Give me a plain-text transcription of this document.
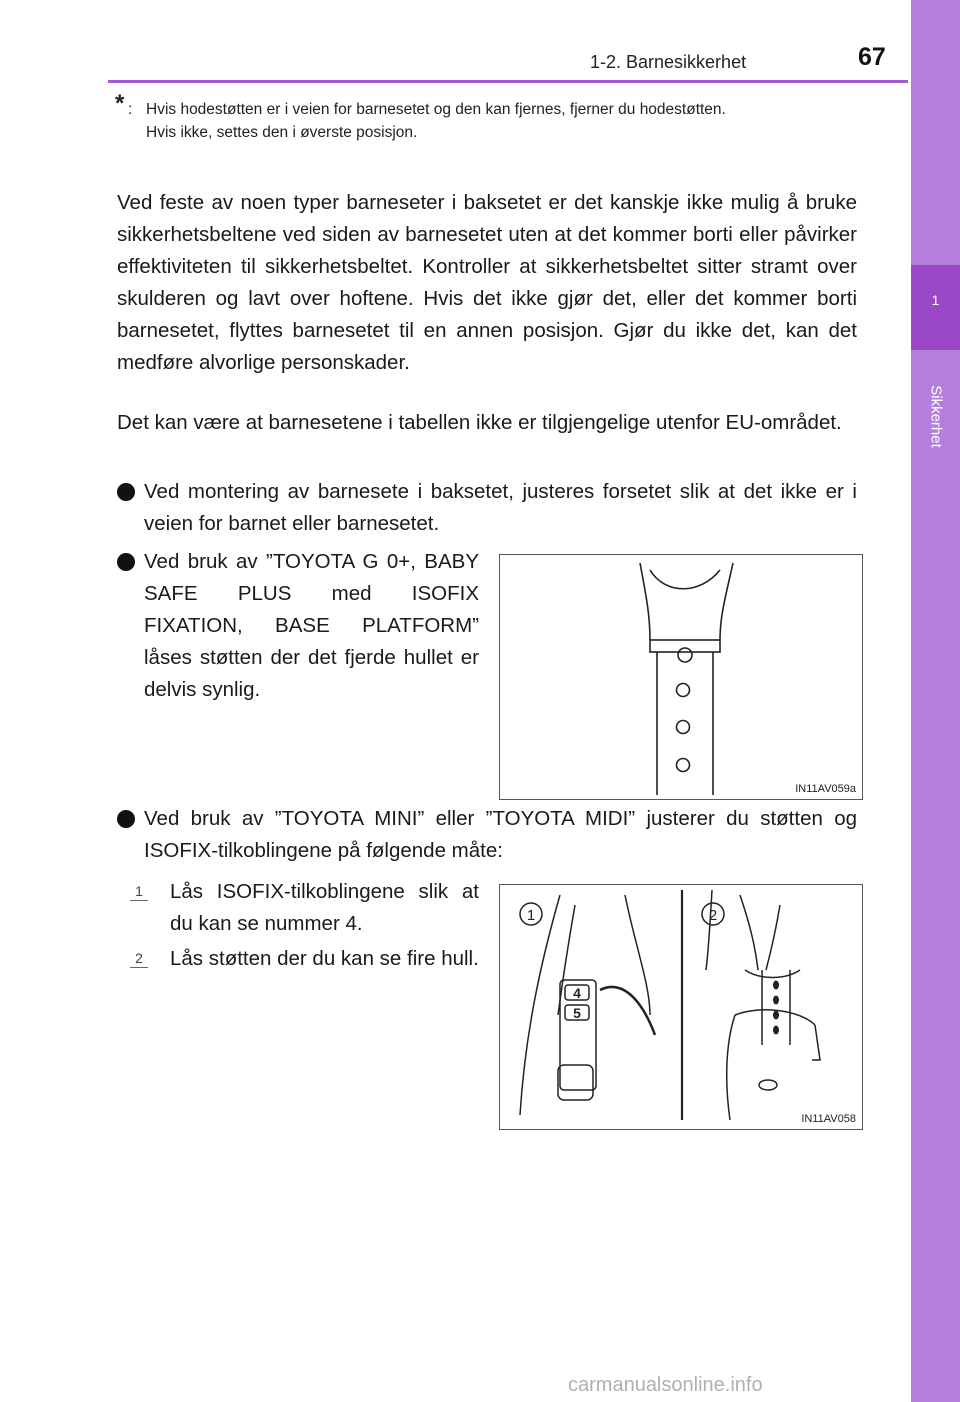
1-2. Barnesikkerhet	67
1
Sikkerhet
* : Hvis hodestøtten er i veien for barnesetet og den kan fjernes, fjerner du hodestøtten.
Hvis ikke, settes den i øverste posisjon.
Ved feste av noen typer barneseter i baksetet er det kanskje ikke mulig å bruke sikkerhetsbeltene ved siden av barnesetet uten at det kommer borti eller påvirker effektiviteten til sikkerhetsbeltet. Kontroller at sikkerhetsbeltet sitter stramt over skulderen og lavt over hoftene. Hvis det ikke gjør det, eller det kommer borti barnesetet, flyttes barnesetet til en annen posisjon. Gjør du ikke det, kan det medføre alvorlige personskader.
Det kan være at barnesetene i tabellen ikke er tilgjengelige utenfor EU-området.
Ved montering av barnesete i baksetet, justeres forsetet slik at det ikke er i veien for barnet eller barnesetet.
Ved bruk av ”TOYOTA G 0+, BABY SAFE PLUS med ISOFIX FIXATION, BASE PLATFORM” låses støtten der det fjerde hullet er delvis synlig.
Ved bruk av ”TOYOTA MINI” eller ”TOYOTA MIDI” justerer du støtten og ISOFIX-tilkoblingene på følgende måte:
1 Lås ISOFIX-tilkoblingene slik at du kan se nummer 4.
2 Lås støtten der du kan se fire hull.
IN11AV059a
1	2
4
5
IN11AV058
carmanualsonline.info
